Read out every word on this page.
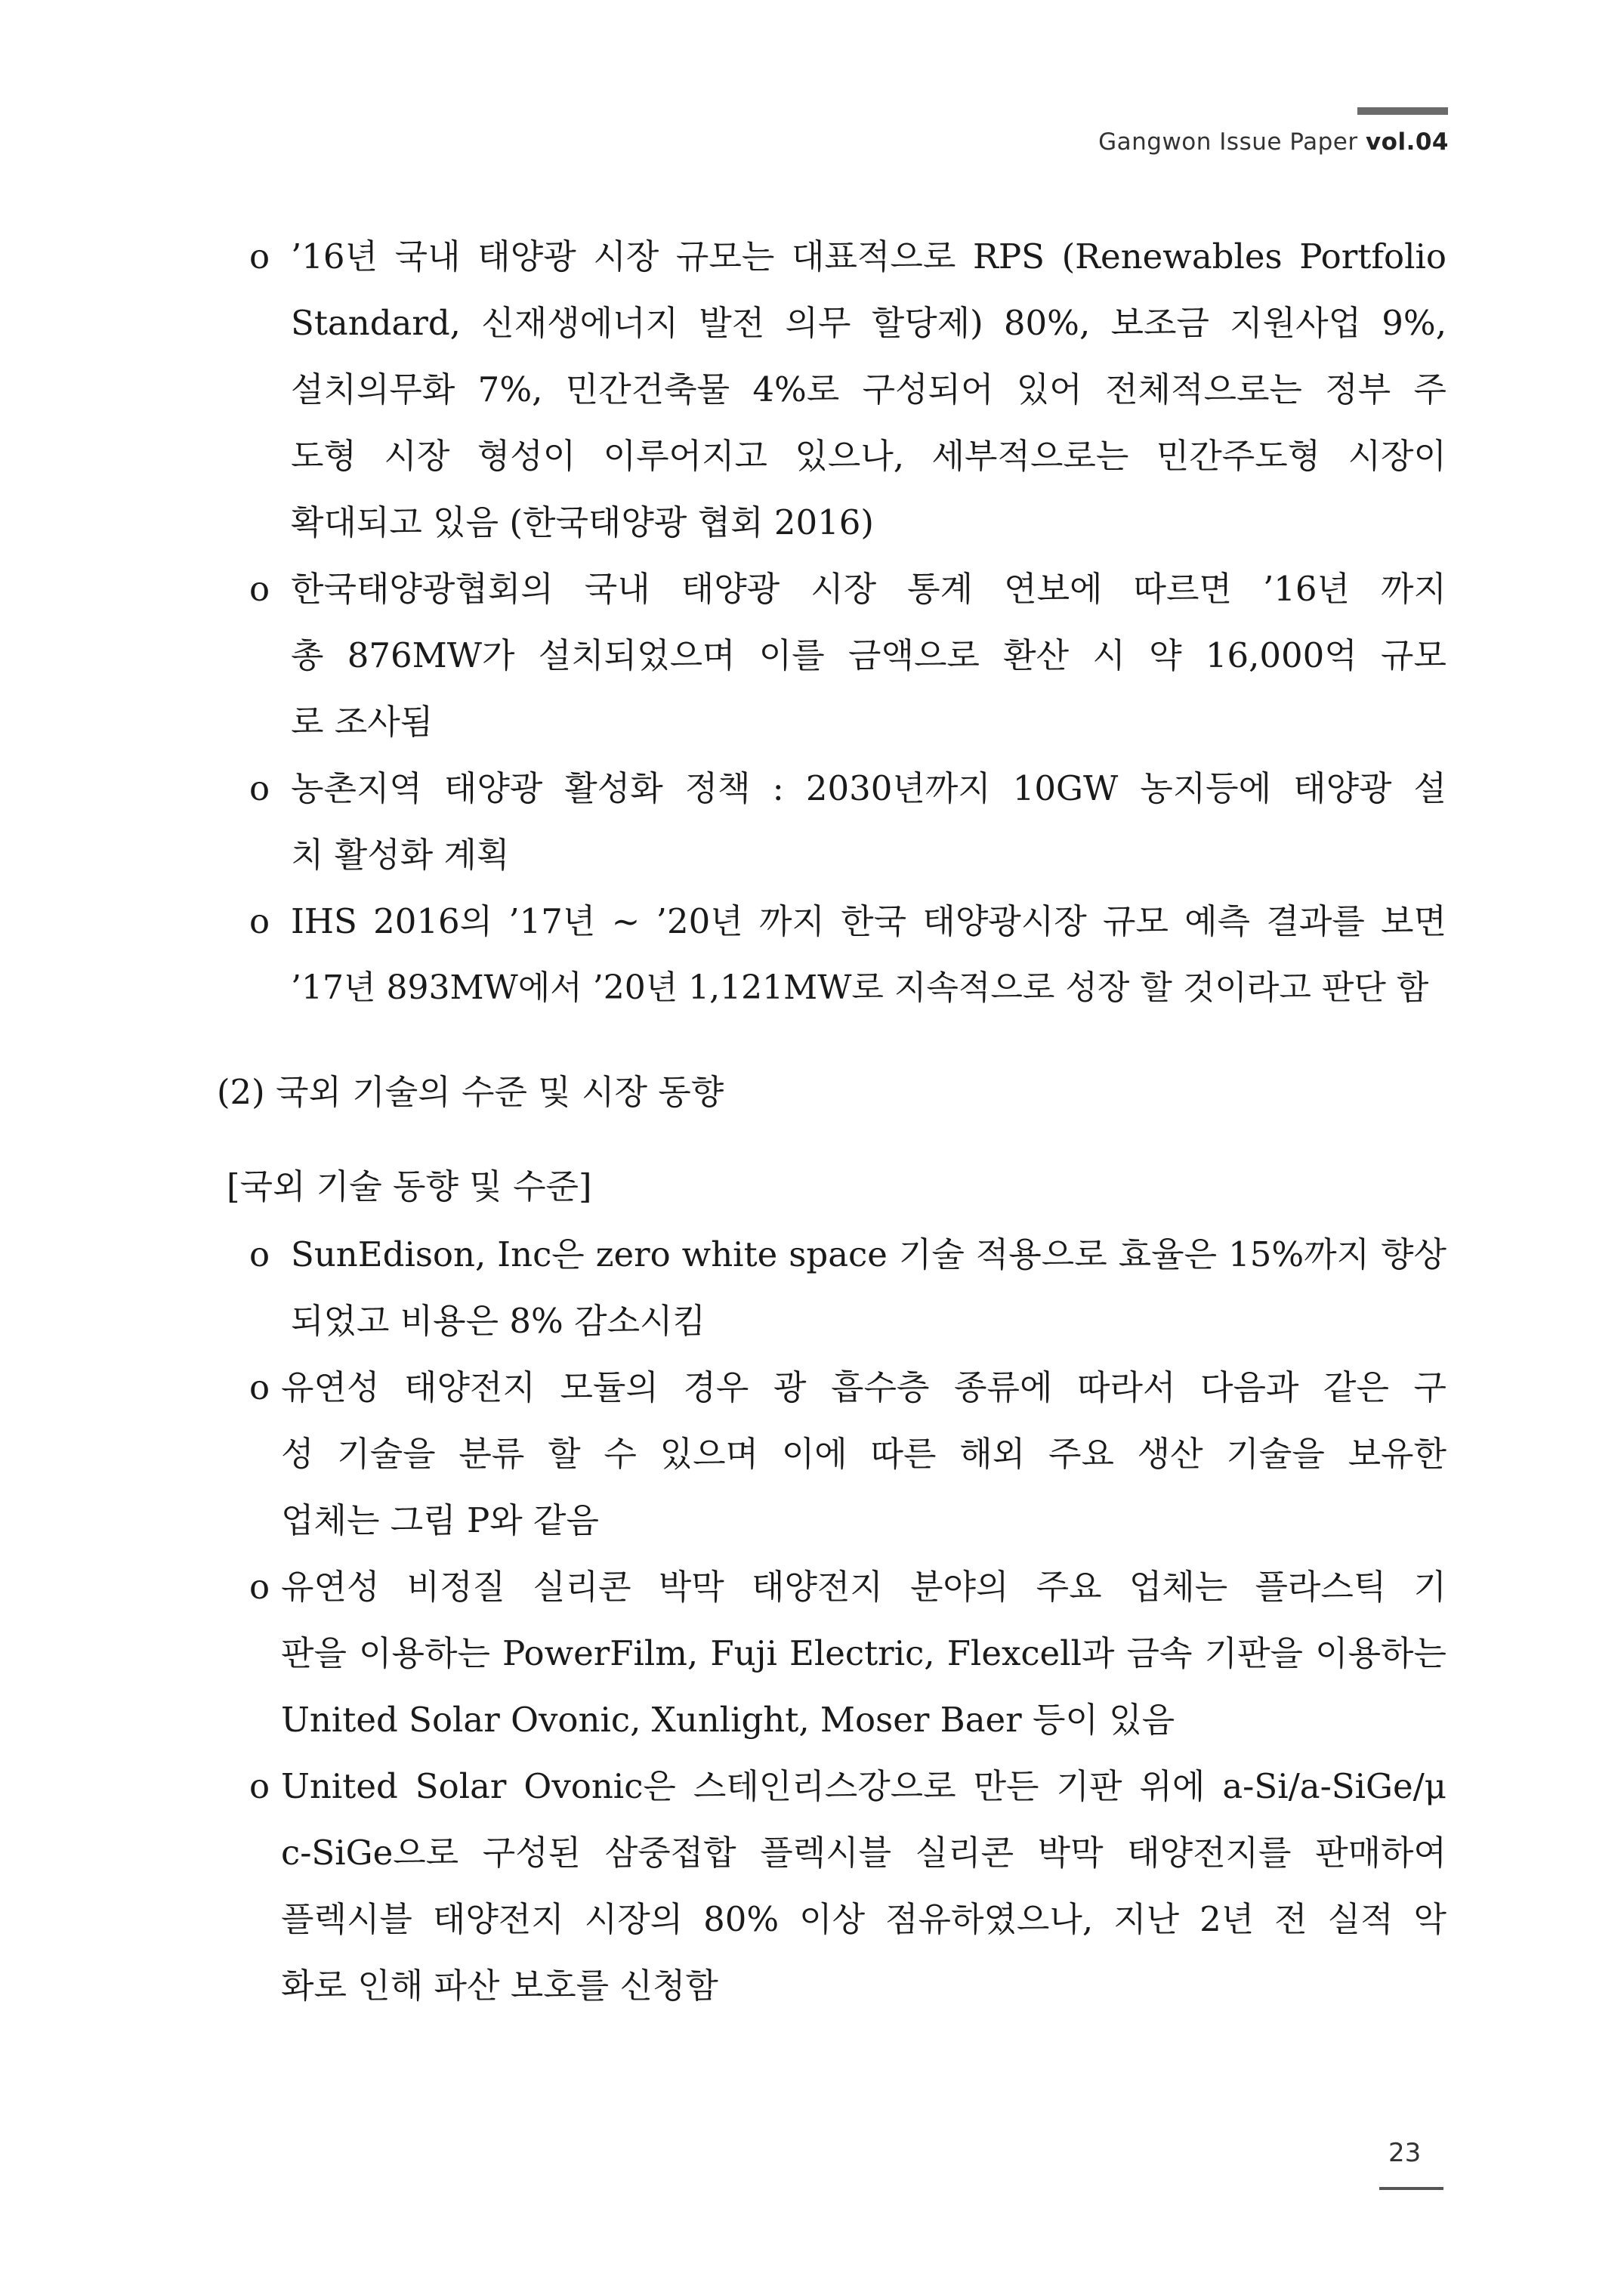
Gangwon Issue Paper vol.04
o ’16년 국내 태양광 시장 규모는 대표적으로 RPS (Renewables Portfolio
Standard, 신재생에너지 발전 의무 할당제) 80%, 보조금 지원사업 9%,
설치의무화 7%, 민간건축물 4%로 구성되어 있어 전체적으로는 정부 주
도형 시장 형성이 이루어지고 있으나, 세부적으로는 민간주도형 시장이
확대되고 있음 (한국태양광 협회 2016)
o 한국태양광협회의 국내 태양광 시장 통계 연보에 따르면 ’16년 까지
총 876MW가 설치되었으며 이를 금액으로 환산 시 약 16,000억 규모
로 조사됨
o 농촌지역 태양광 활성화 정책 : 2030년까지 10GW 농지등에 태양광 설
치 활성화 계획
o IHS 2016의 ’17년 ~ ’20년 까지 한국 태양광시장 규모 예측 결과를 보면
’17년 893MW에서 ’20년 1,121MW로 지속적으로 성장 할 것이라고 판단 함
(2) 국외 기술의 수준 및 시장 동향
[국외 기술 동향 및 수준]
o SunEdison, Inc은 zero white space 기술 적용으로 효율은 15%까지 향상
되었고 비용은 8% 감소시킴
o 유연성 태양전지 모듈의 경우 광 흡수층 종류에 따라서 다음과 같은 구
성 기술을 분류 할 수 있으며 이에 따른 해외 주요 생산 기술을 보유한
업체는 그림 P와 같음
o 유연성 비정질 실리콘 박막 태양전지 분야의 주요 업체는 플라스틱 기
판을 이용하는 PowerFilm, Fuji Electric, Flexcell과 금속 기판을 이용하는
United Solar Ovonic, Xunlight, Moser Baer 등이 있음
o United Solar Ovonic은 스테인리스강으로 만든 기판 위에 a-Si/a-SiGe/μ
c-SiGe으로 구성된 삼중접합 플렉시블 실리콘 박막 태양전지를 판매하여
플렉시블 태양전지 시장의 80% 이상 점유하였으나, 지난 2년 전 실적 악
화로 인해 파산 보호를 신청함
23
